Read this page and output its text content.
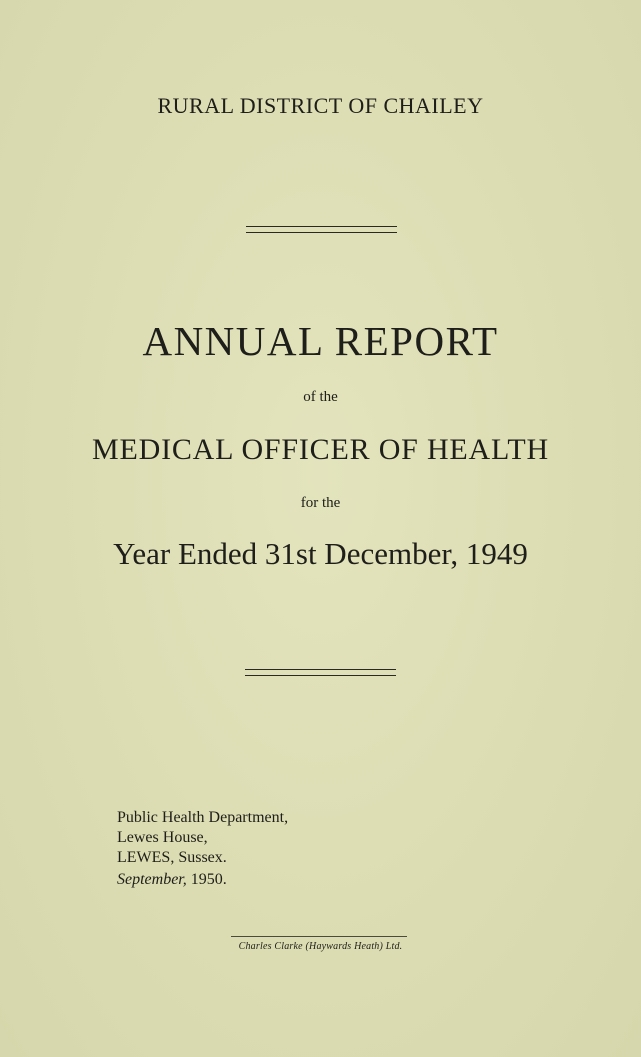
RURAL DISTRICT OF CHAILEY
ANNUAL REPORT
of the
MEDICAL OFFICER OF HEALTH
for the
Year Ended 31st December, 1949
Public Health Department,
Lewes House,
LEWES, Sussex.
September, 1950.
Charles Clarke (Haywards Heath) Ltd.
